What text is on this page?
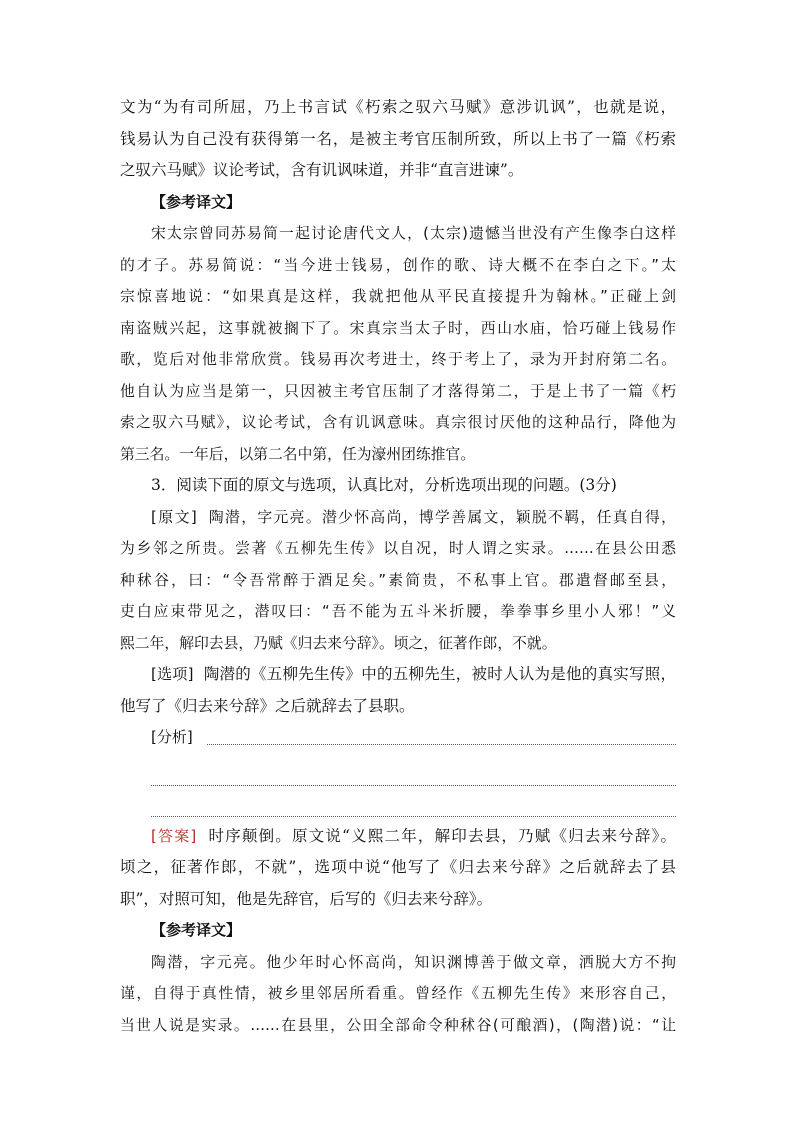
文为“为有司所屈，乃上书言试《朽索之驭六马赋》意涉讥讽”，也就是说，
钱易认为自己没有获得第一名，是被主考官压制所致，所以上书了一篇《朽索
之驭六马赋》议论考试，含有讥讽味道，并非“直言进谏”。
【参考译文】
宋太宗曾同苏易简一起讨论唐代文人，(太宗)遗憾当世没有产生像李白这样
的才子。苏易简说：“当今进士钱易，创作的歌、诗大概不在李白之下。”太
宗惊喜地说：“如果真是这样，我就把他从平民直接提升为翰林。”正碰上剑
南盗贼兴起，这事就被搁下了。宋真宗当太子时，西山水庙，恰巧碰上钱易作
歌，览后对他非常欣赏。钱易再次考进士，终于考上了，录为开封府第二名。
他自认为应当是第一，只因被主考官压制了才落得第二，于是上书了一篇《朽
索之驭六马赋》，议论考试，含有讥讽意味。真宗很讨厌他的这种品行，降他为
第三名。一年后，以第二名中第，任为濠州团练推官。
3．阅读下面的原文与选项，认真比对，分析选项出现的问题。(3分)
[原文] 陶潜，字元亮。潜少怀高尚，博学善属文，颖脱不羁，任真自得，
为乡邻之所贵。尝著《五柳先生传》以自况，时人谓之实录。……在县公田悉
种秫谷，曰：“令吾常醉于酒足矣。”素简贵，不私事上官。郡遣督邮至县，
吏白应束带见之，潜叹曰：“吾不能为五斗米折腰，拳拳事乡里小人邪！”义
熙二年，解印去县，乃赋《归去来兮辞》。顷之，征著作郎，不就。
[选项] 陶潜的《五柳先生传》中的五柳先生，被时人认为是他的真实写照，
他写了《归去来兮辞》之后就辞去了县职。
[分析]
[答案] 时序颠倒。原文说“义熙二年，解印去县，乃赋《归去来兮辞》。
顷之，征著作郎，不就”，选项中说“他写了《归去来兮辞》之后就辞去了县
职”，对照可知，他是先辞官，后写的《归去来兮辞》。
【参考译文】
陶潜，字元亮。他少年时心怀高尚，知识渊博善于做文章，洒脱大方不拘
谨，自得于真性情，被乡里邻居所看重。曾经作《五柳先生传》来形容自己，
当世人说是实录。……在县里，公田全部命令种秫谷(可酿酒)，(陶潜)说：“让
